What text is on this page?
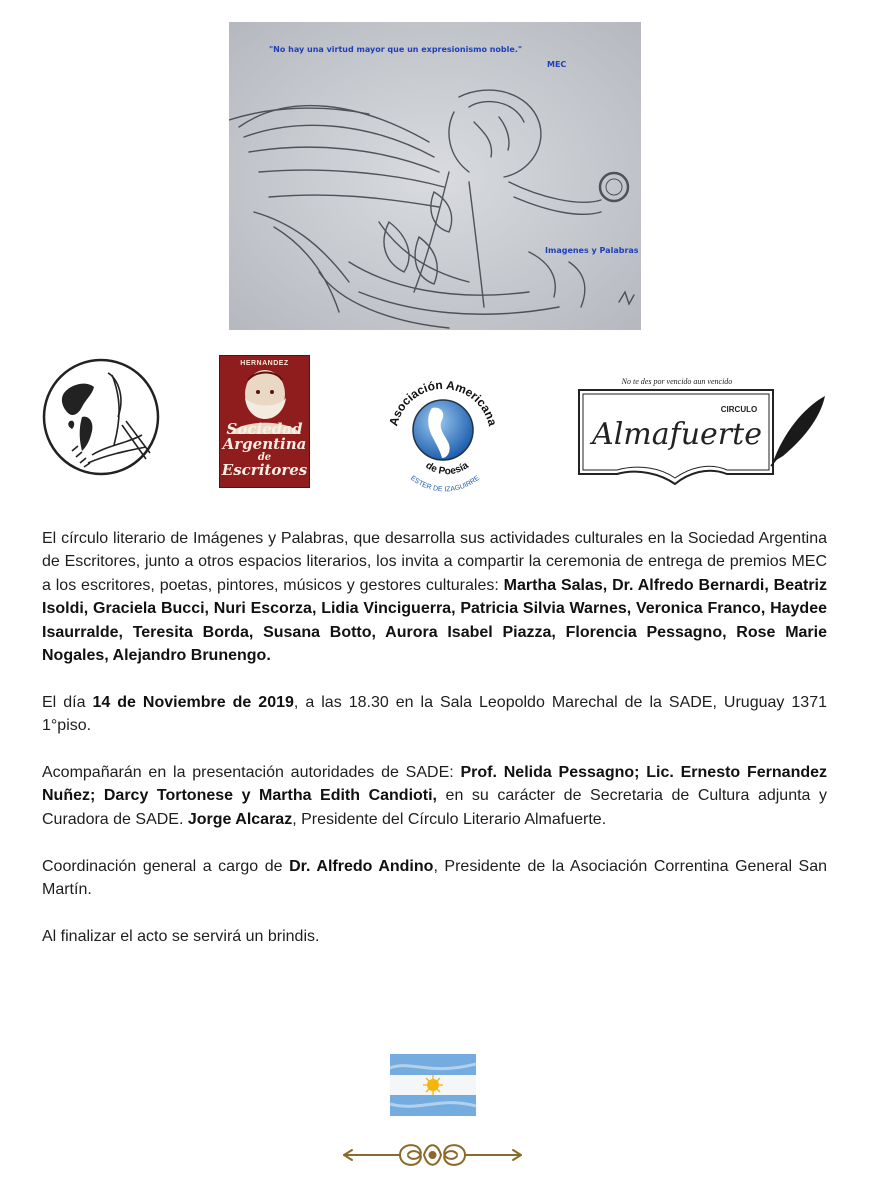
"No hay una virtud mayor que un expresionismo noble."
MEC
Imagenes y Palabras
HERNANDEZ
Sociedad
Argentina
de
Escritores
Asociación Americana
de Poesía
ESTER DE IZAGUIRRE
No te des por vencido aun vencido
CIRCULO
Almafuerte

El círculo literario de Imágenes y Palabras, que desarrolla sus actividades culturales en la Sociedad Argentina de Escritores, junto a otros espacios literarios, los invita a compartir la ceremonia de entrega de premios MEC a los escritores, poetas, pintores, músicos y gestores culturales: Martha Salas, Dr. Alfredo Bernardi, Beatriz Isoldi, Graciela Bucci, Nuri Escorza, Lidia Vinciguerra, Patricia Silvia Warnes, Veronica Franco, Haydee Isaurralde, Teresita Borda, Susana Botto, Aurora Isabel Piazza, Florencia Pessagno, Rose Marie Nogales, Alejandro Brunengo.

El día 14 de Noviembre de 2019, a las 18.30 en la Sala Leopoldo Marechal de la SADE, Uruguay 1371 1°piso.

Acompañarán en la presentación autoridades de SADE: Prof. Nelida Pessagno; Lic. Ernesto Fernandez Nuñez; Darcy Tortonese y Martha Edith Candioti, en su carácter de Secretaria de Cultura adjunta y Curadora de SADE. Jorge Alcaraz, Presidente del Círculo Literario Almafuerte.

Coordinación general a cargo de Dr. Alfredo Andino, Presidente de la Asociación Correntina General San Martín.

Al finalizar el acto se servirá un brindis.
